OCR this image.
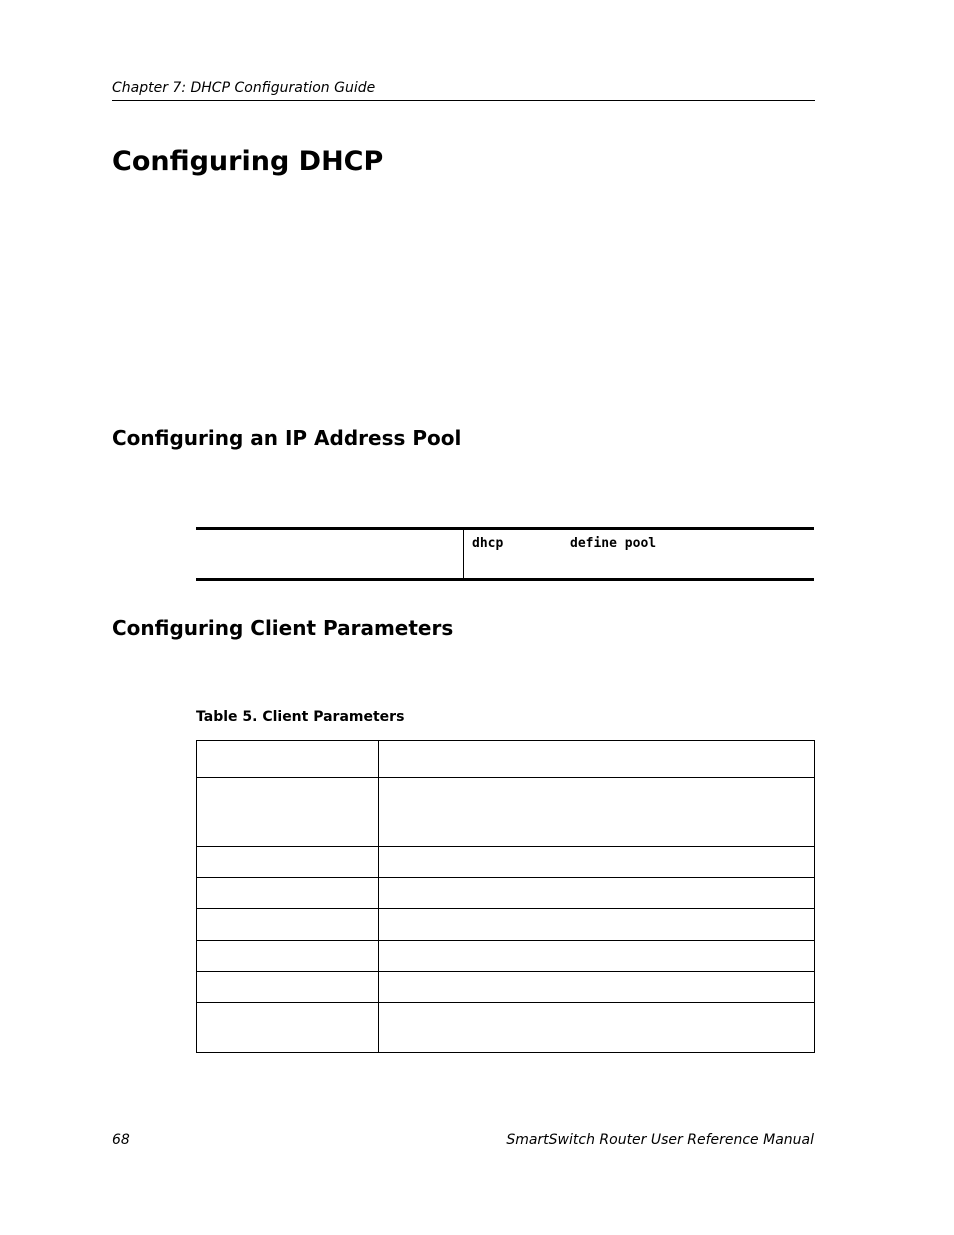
Chapter 7: DHCP Configuration Guide
Configuring DHCP
Configuring an IP Address Pool
dhcp	define pool
Configuring Client Parameters
Table 5. Client Parameters

68	SmartSwitch Router User Reference Manual
